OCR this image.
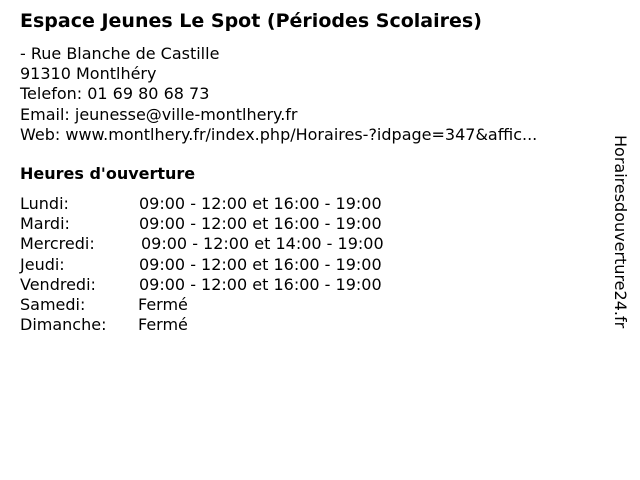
Espace Jeunes Le Spot (Périodes Scolaires)
- Rue Blanche de Castille
91310 Montlhéry
Telefon: 01 69 80 68 73
Email: jeunesse@ville-montlhery.fr
Web: www.montlhery.fr/index.php/Horaires-?idpage=347&affic...
Heures d'ouverture
Lundi:	09:00 - 12:00 et 16:00 - 19:00
Mardi:	09:00 - 12:00 et 16:00 - 19:00
Mercredi:	09:00 - 12:00 et 14:00 - 19:00
Jeudi:	09:00 - 12:00 et 16:00 - 19:00
Vendredi:	09:00 - 12:00 et 16:00 - 19:00
Samedi:	Fermé
Dimanche: Fermé	Horairesdouverture24.fr
